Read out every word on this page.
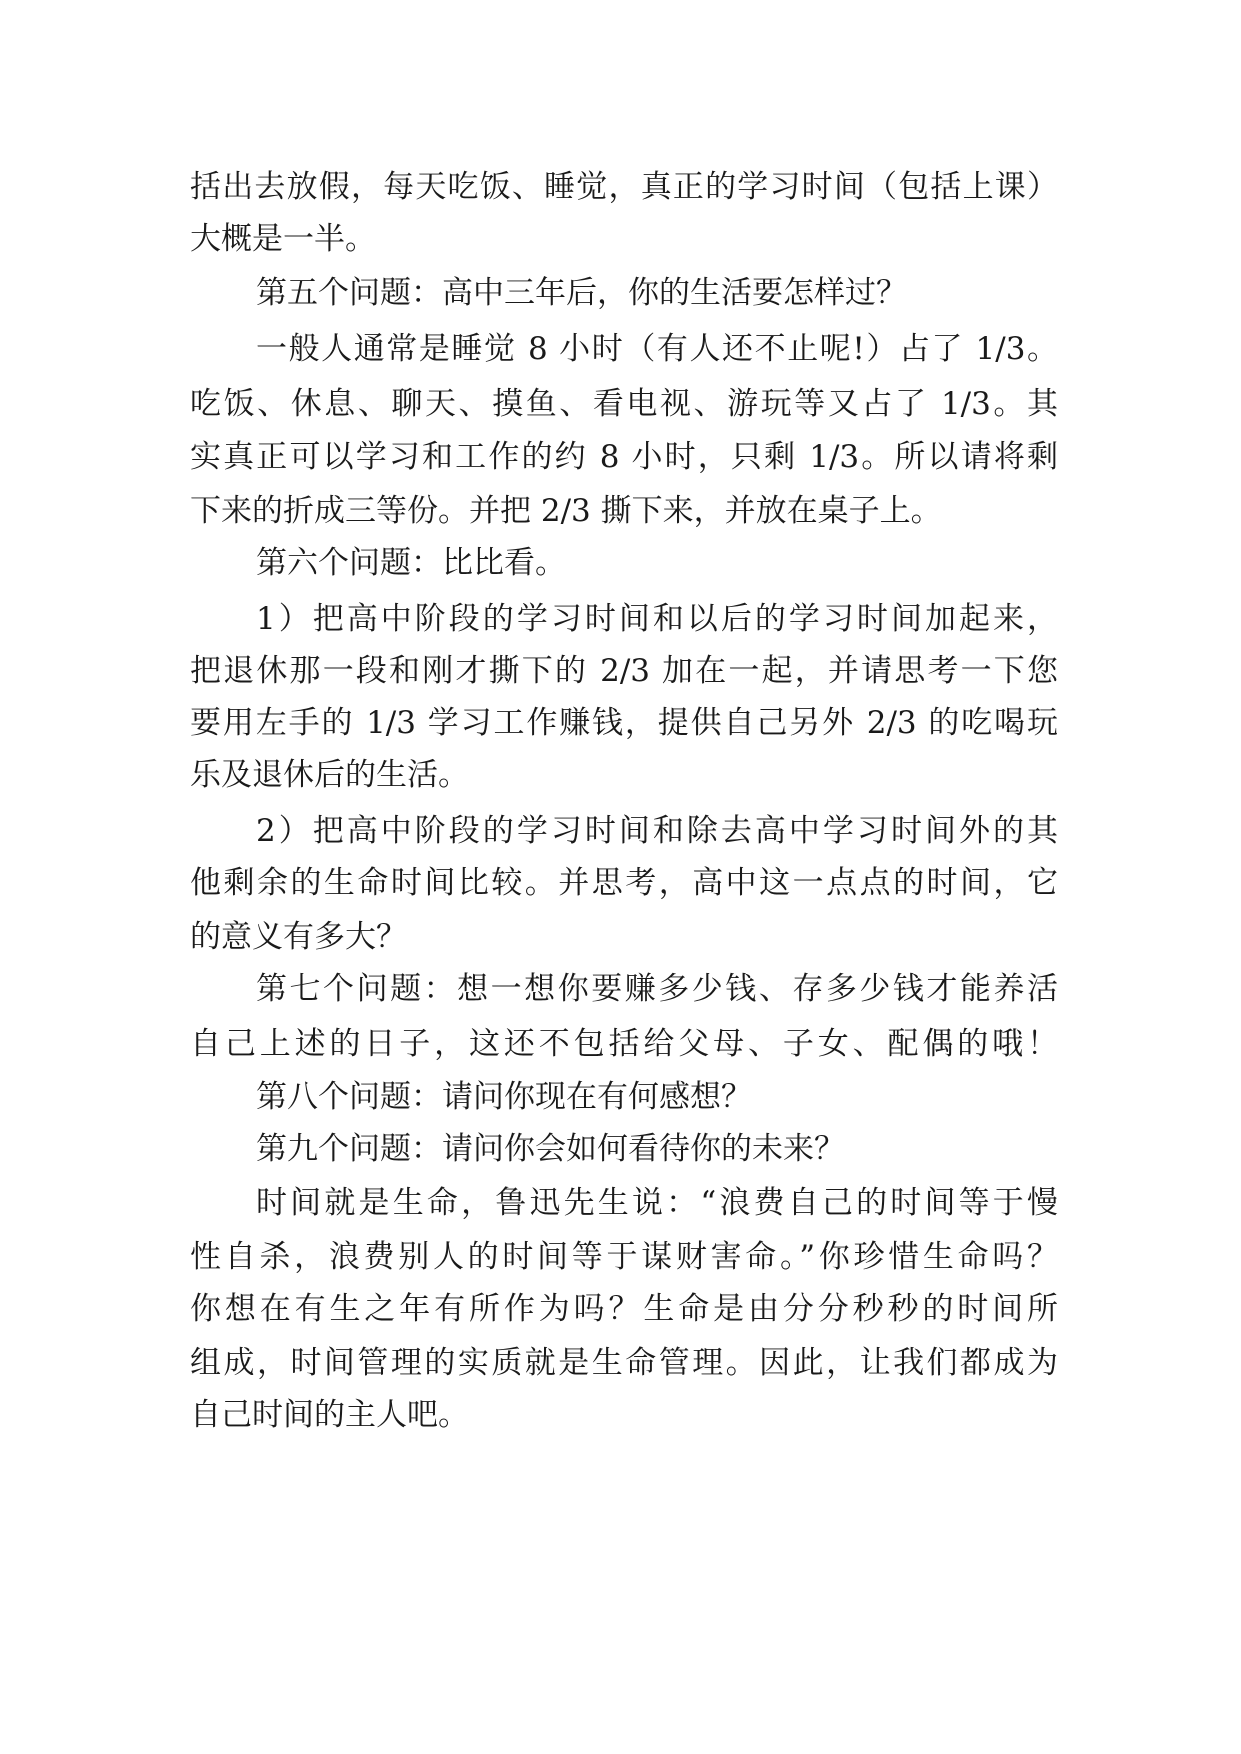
括出去放假，每天吃饭、睡觉，真正的学习时间（包括上课）
大概是一半。
第五个问题：高中三年后，你的生活要怎样过？
一般人通常是睡觉 8 小时（有人还不止呢!）占了 1/3。
吃饭、休息、聊天、摸鱼、看电视、游玩等又占了 1/3。其
实真正可以学习和工作的约 8 小时，只剩 1/3。所以请将剩
下来的折成三等份。并把 2/3 撕下来，并放在桌子上。
第六个问题：比比看。
1）把高中阶段的学习时间和以后的学习时间加起来，
把退休那一段和刚才撕下的 2/3 加在一起，并请思考一下您
要用左手的 1/3 学习工作赚钱，提供自己另外 2/3 的吃喝玩
乐及退休后的生活。
2）把高中阶段的学习时间和除去高中学习时间外的其
他剩余的生命时间比较。并思考，高中这一点点的时间，它
的意义有多大？
第七个问题：想一想你要赚多少钱、存多少钱才能养活
自己上述的日子，这还不包括给父母、子女、配偶的哦！
第八个问题：请问你现在有何感想？
第九个问题：请问你会如何看待你的未来？
时间就是生命，鲁迅先生说：“浪费自己的时间等于慢
性自杀，浪费别人的时间等于谋财害命。”你珍惜生命吗？
你想在有生之年有所作为吗？生命是由分分秒秒的时间所
组成，时间管理的实质就是生命管理。因此，让我们都成为
自己时间的主人吧。
